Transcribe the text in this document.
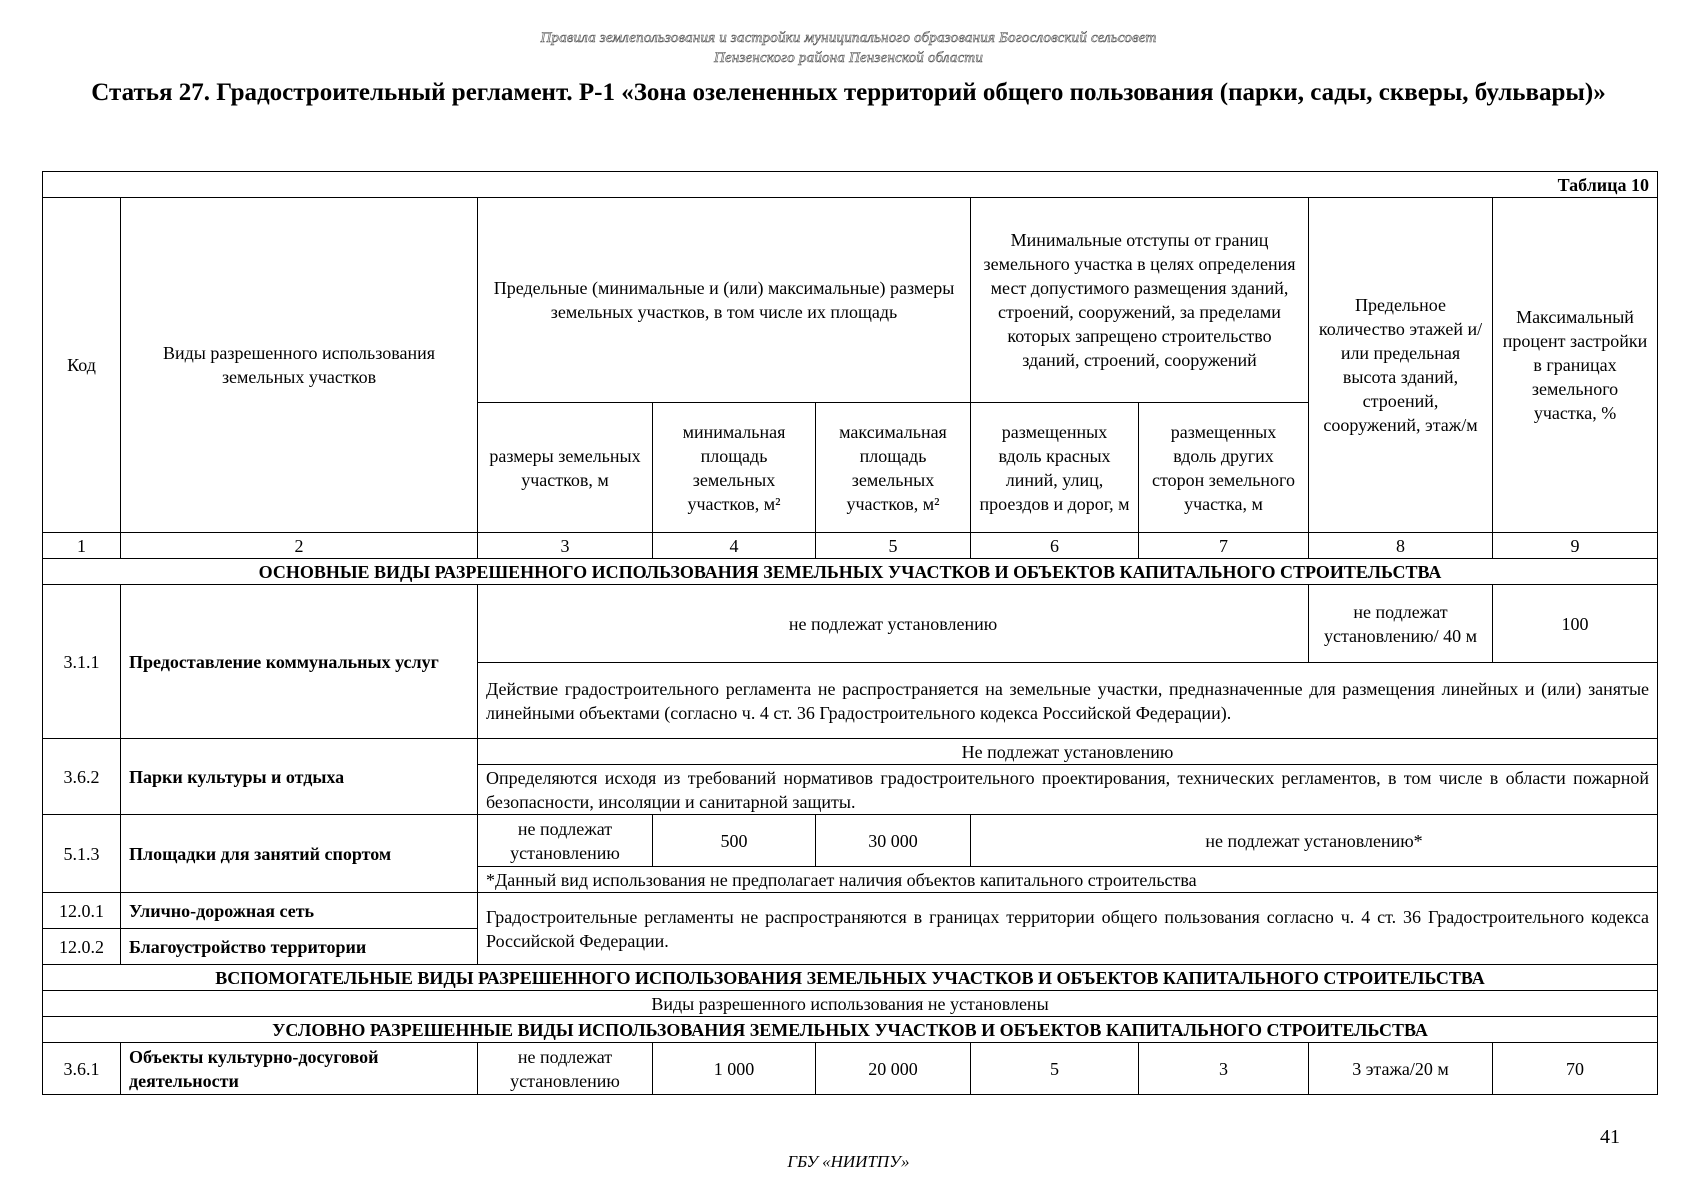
Правила землепользования и застройки муниципального образования Богословский сельсовет
Пензенского района Пензенской области
Статья 27. Градостроительный регламент. Р-1 «Зона озелененных территорий общего пользования (парки, сады, скверы, бульвары)»
Таблица 10								
Код	Виды разрешенного использования земельных участков	Предельные (минимальные и (или) максимальные) размеры земельных участков, в том числе их площадь			Минимальные отступы от границ земельного участка в целях определения мест допустимого размещения зданий, строений, сооружений, за пределами которых запрещено строительство зданий, строений, сооружений		Предельное количество этажей и/или предельная высота зданий, строений, сооружений, этаж/м	Максимальный процент застройки в границах земельного участка, %
		размеры земельных участков, м	минимальная площадь земельных участков, м²	максимальная площадь земельных участков, м²	размещенных вдоль красных линий, улиц, проездов и дорог, м	размещенных вдоль других сторон земельного участка, м		
1	2	3	4	5	6	7	8	9
ОСНОВНЫЕ ВИДЫ РАЗРЕШЕННОГО ИСПОЛЬЗОВАНИЯ ЗЕМЕЛЬНЫХ УЧАСТКОВ И ОБЪЕКТОВ КАПИТАЛЬНОГО СТРОИТЕЛЬСТВА								
3.1.1	Предоставление коммунальных услуг	не подлежат установлению					не подлежат установлению/ 40 м	100
		Действие градостроительного регламента не распространяется на земельные участки, предназначенные для размещения линейных и (или) занятые линейными объектами (согласно ч. 4 ст. 36 Градостроительного кодекса Российской Федерации).						
3.6.2	Парки культуры и отдыха	Не подлежат установлению						
		Определяются исходя из требований нормативов градостроительного проектирования, технических регламентов, в том числе в области пожарной безопасности, инсоляции и санитарной защиты.						
5.1.3	Площадки для занятий спортом	не подлежат установлению	500	30 000	не подлежат установлению*			
		*Данный вид использования не предполагает наличия объектов капитального строительства						
12.0.1	Улично-дорожная сеть	Градостроительные регламенты не распространяются в границах территории общего пользования согласно ч. 4 ст. 36 Градостроительного кодекса Российской Федерации.						
12.0.2	Благоустройство территории							
ВСПОМОГАТЕЛЬНЫЕ ВИДЫ РАЗРЕШЕННОГО ИСПОЛЬЗОВАНИЯ ЗЕМЕЛЬНЫХ УЧАСТКОВ И ОБЪЕКТОВ КАПИТАЛЬНОГО СТРОИТЕЛЬСТВА								
Виды разрешенного использования не установлены								
УСЛОВНО РАЗРЕШЕННЫЕ ВИДЫ ИСПОЛЬЗОВАНИЯ ЗЕМЕЛЬНЫХ УЧАСТКОВ И ОБЪЕКТОВ КАПИТАЛЬНОГО СТРОИТЕЛЬСТВА								
3.6.1	Объекты культурно-досуговой деятельности	не подлежат установлению	1 000	20 000	5	3	3 этажа/20 м	70
41
ГБУ «НИИТПУ»
